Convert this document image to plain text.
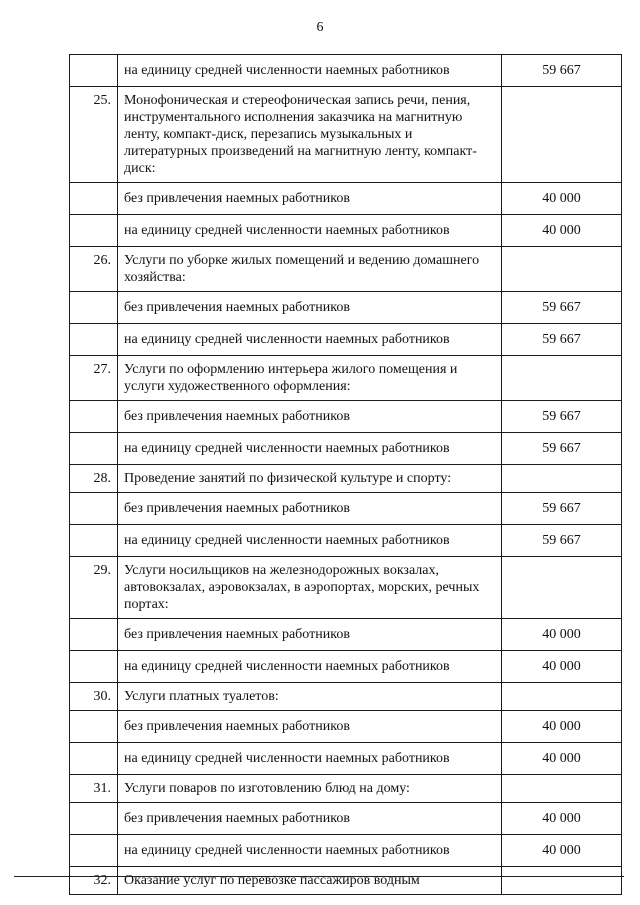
6
	на единицу средней численности наемных работников	59 667
25.	Монофоническая и стереофоническая запись речи, пения, инструментального исполнения заказчика на магнитную ленту, компакт-диск, перезапись музыкальных и литературных произведений на магнитную ленту, компакт-диск:	
	без привлечения наемных работников	40 000
	на единицу средней численности наемных работников	40 000
26.	Услуги по уборке жилых помещений и ведению домашнего хозяйства:	
	без привлечения наемных работников	59 667
	на единицу средней численности наемных работников	59 667
27.	Услуги по оформлению интерьера жилого помещения и услуги художественного оформления:	
	без привлечения наемных работников	59 667
	на единицу средней численности наемных работников	59 667
28.	Проведение занятий по физической культуре и спорту:	
	без привлечения наемных работников	59 667
	на единицу средней численности наемных работников	59 667
29.	Услуги носильщиков на железнодорожных вокзалах, автовокзалах, аэровокзалах, в аэропортах, морских, речных портах:	
	без привлечения наемных работников	40 000
	на единицу средней численности наемных работников	40 000
30.	Услуги платных туалетов:	
	без привлечения наемных работников	40 000
	на единицу средней численности наемных работников	40 000
31.	Услуги поваров по изготовлению блюд на дому:	
	без привлечения наемных работников	40 000
	на единицу средней численности наемных работников	40 000
32.	Оказание услуг по перевозке пассажиров водным	
